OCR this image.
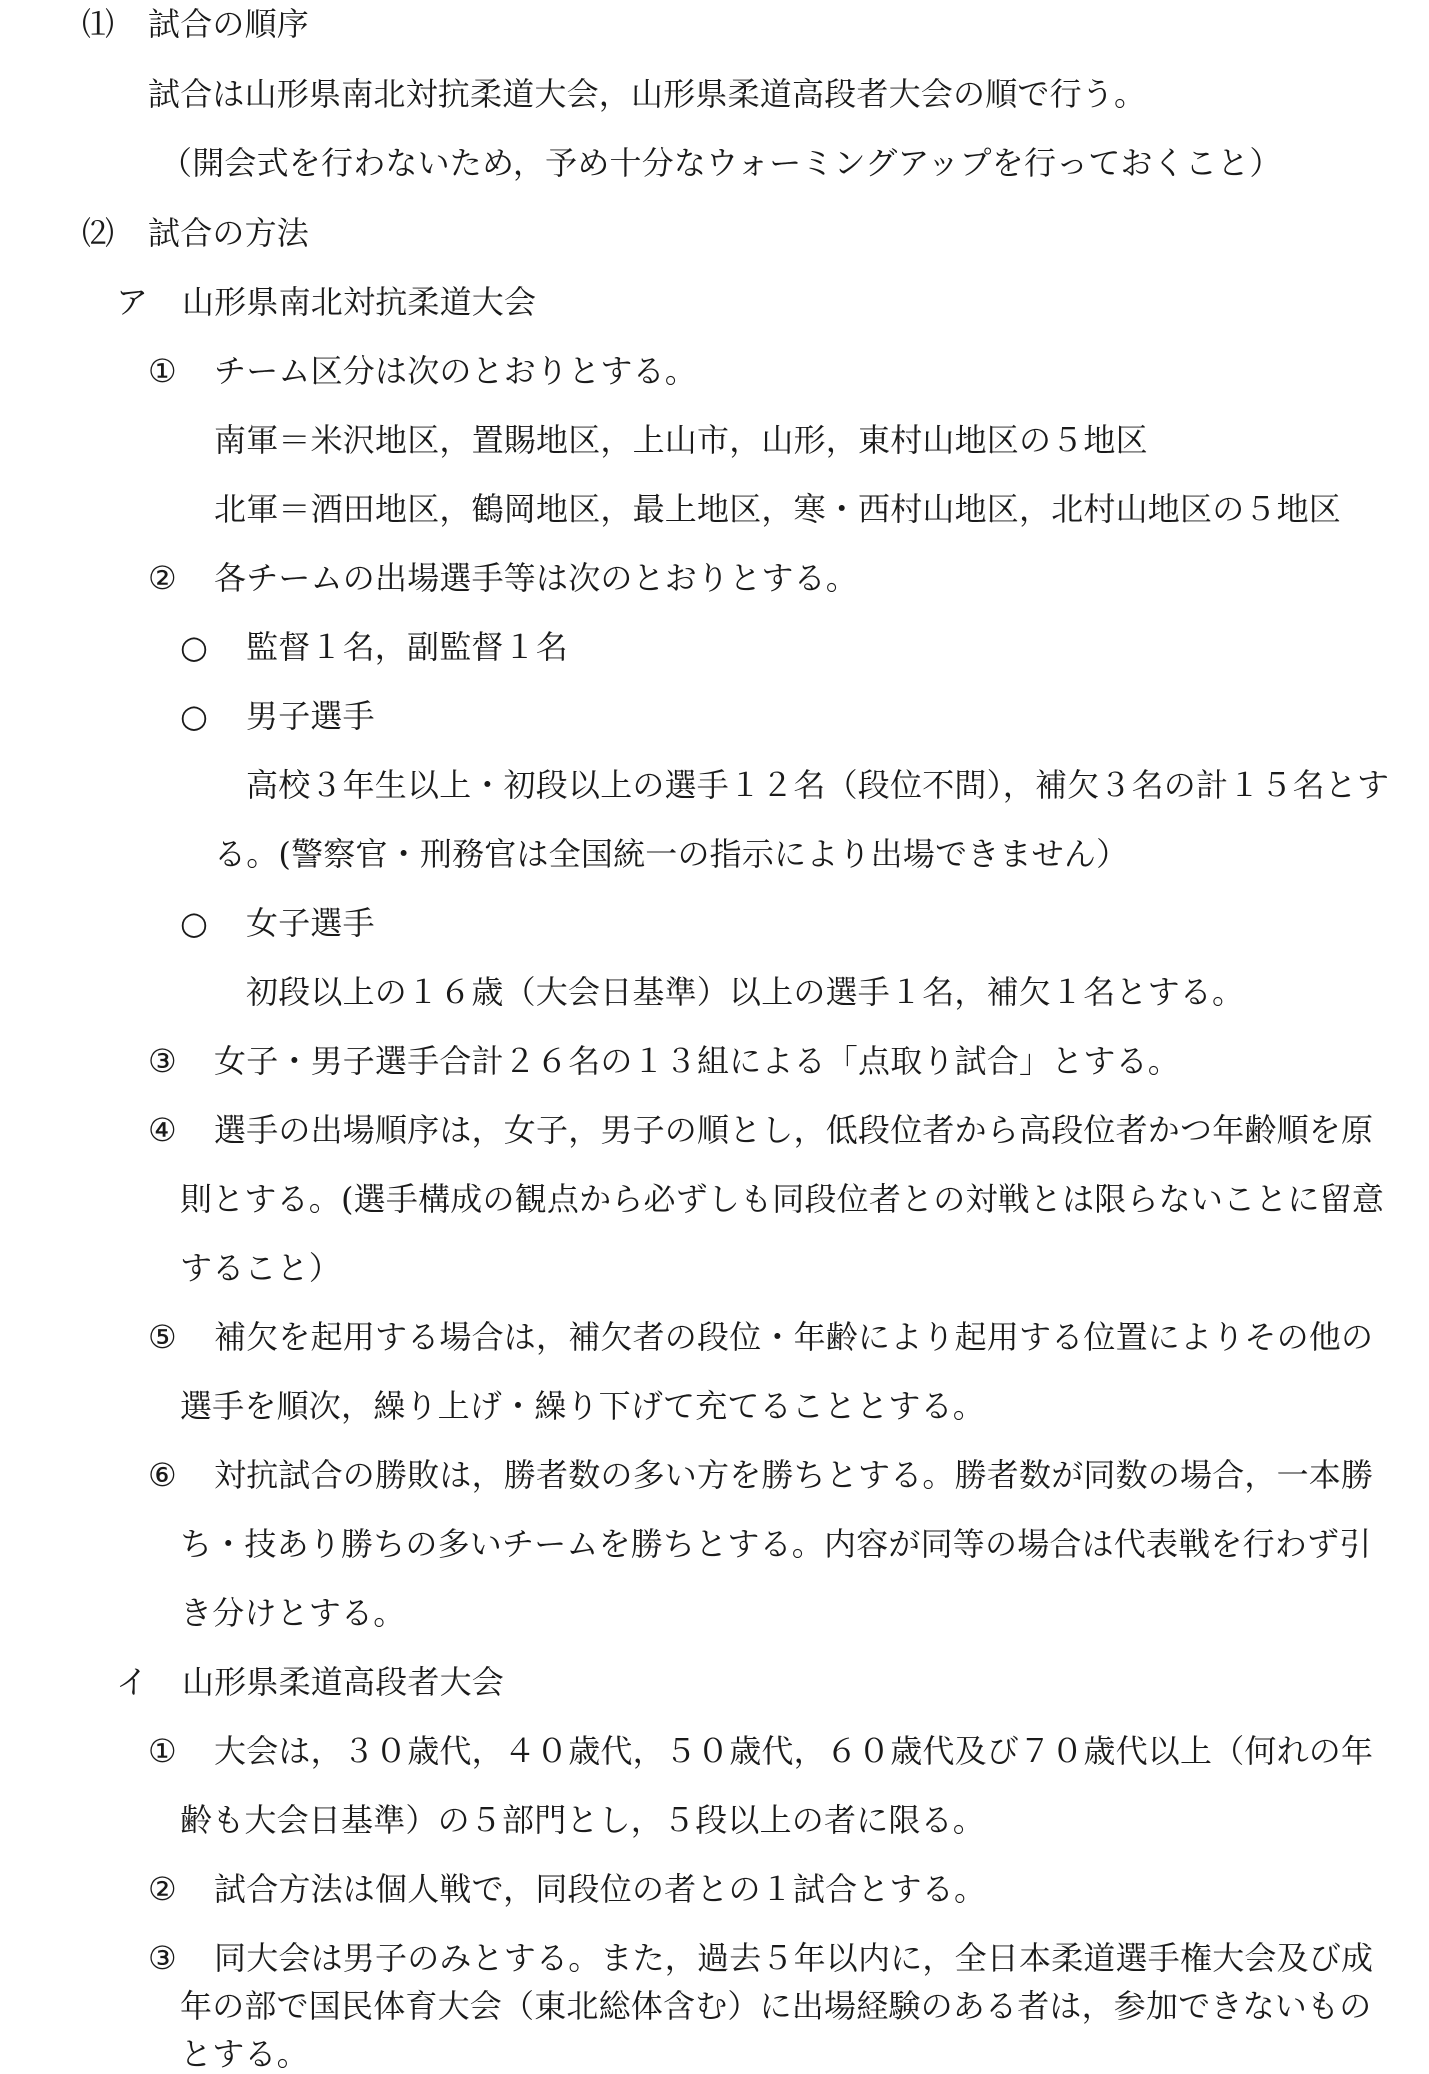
⑴ 試合の順序
試合は山形県南北対抗柔道大会，山形県柔道高段者大会の順で行う。
（開会式を行わないため，予め十分なウォーミングアップを行っておくこと）
⑵ 試合の方法
ア 山形県南北対抗柔道大会
① チーム区分は次のとおりとする。
南軍＝米沢地区，置賜地区，上山市，山形，東村山地区の５地区
北軍＝酒田地区，鶴岡地区，最上地区，寒・西村山地区，北村山地区の５地区
② 各チームの出場選手等は次のとおりとする。
○ 監督１名，副監督１名
○ 男子選手
高校３年生以上・初段以上の選手１２名（段位不問），補欠３名の計１５名とす
る。(警察官・刑務官は全国統一の指示により出場できません）
○ 女子選手
初段以上の１６歳（大会日基準）以上の選手１名，補欠１名とする。
③ 女子・男子選手合計２６名の１３組による「点取り試合」とする。
④ 選手の出場順序は，女子，男子の順とし，低段位者から高段位者かつ年齢順を原
則とする。(選手構成の観点から必ずしも同段位者との対戦とは限らないことに留意
すること）
⑤ 補欠を起用する場合は，補欠者の段位・年齢により起用する位置によりその他の
選手を順次，繰り上げ・繰り下げて充てることとする。
⑥ 対抗試合の勝敗は，勝者数の多い方を勝ちとする。勝者数が同数の場合，一本勝
ち・技あり勝ちの多いチームを勝ちとする。内容が同等の場合は代表戦を行わず引
き分けとする。
イ 山形県柔道高段者大会
① 大会は，３０歳代，４０歳代，５０歳代，６０歳代及び７０歳代以上（何れの年
齢も大会日基準）の５部門とし，５段以上の者に限る。
② 試合方法は個人戦で，同段位の者との１試合とする。
③ 同大会は男子のみとする。また，過去５年以内に，全日本柔道選手権大会及び成
年の部で国民体育大会（東北総体含む）に出場経験のある者は，参加できないもの
とする。
